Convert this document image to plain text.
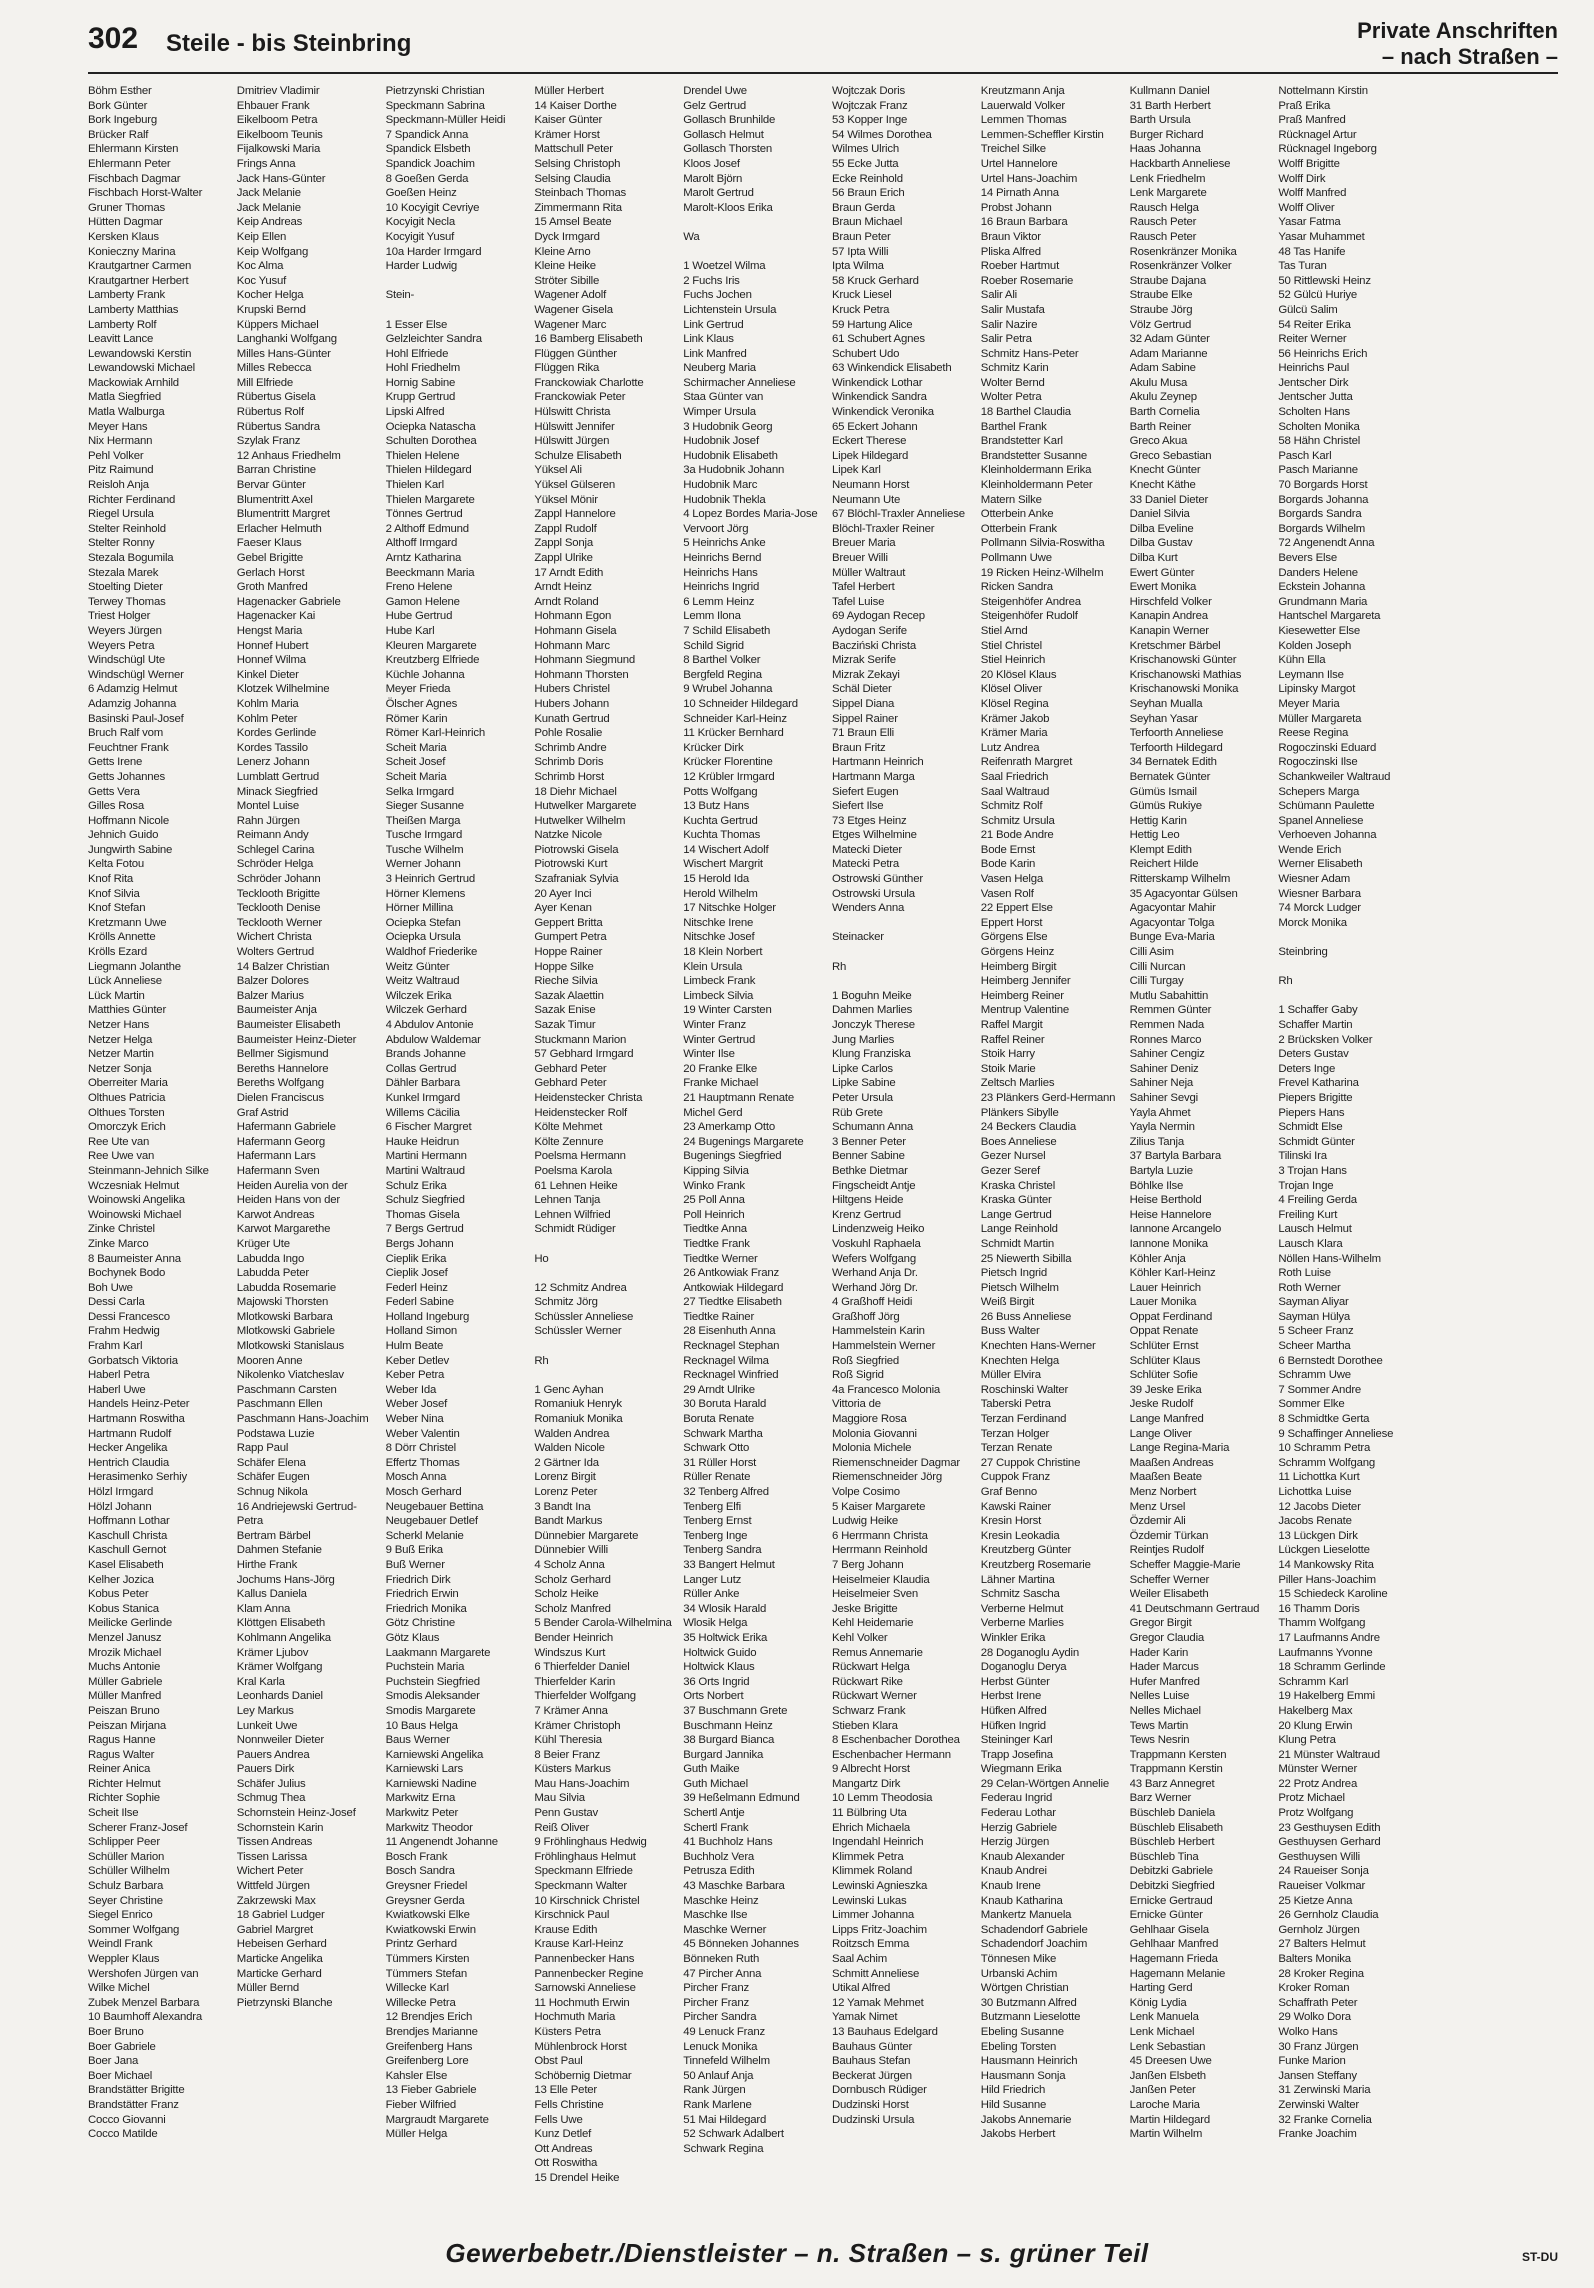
302 Steile - bis Steinbring	Private Anschriften
– nach Straßen –
Böhm Esther
Bork Günter
Bork Ingeburg
Brücker Ralf
Ehlermann Kirsten
Ehlermann Peter
Fischbach Dagmar
Fischbach Horst-Walter
Gruner Thomas
Hütten Dagmar
Kersken Klaus
Konieczny Marina
Krautgartner Carmen
Krautgartner Herbert
Lamberty Frank
Lamberty Matthias
Lamberty Rolf
Leavitt Lance
Lewandowski Kerstin
Lewandowski Michael
Mackowiak Arnhild
Matla Siegfried
Matla Walburga
Meyer Hans
Nix Hermann
Pehl Volker
Pitz Raimund
Reisloh Anja
Richter Ferdinand
Riegel Ursula
Stelter Reinhold
Stelter Ronny
Stezala Bogumila
Stezala Marek
Stoelting Dieter
Terwey Thomas
Triest Holger
Weyers Jürgen
Weyers Petra
Windschügl Ute
Windschügl Werner
6 Adamzig Helmut
Adamzig Johanna
Basinski Paul-Josef
Bruch Ralf vom
Feuchtner Frank
Getts Irene
Getts Johannes
Getts Vera
Gilles Rosa
Hoffmann Nicole
Jehnich Guido
Jungwirth Sabine
Kelta Fotou
Knof Rita
Knof Silvia
Knof Stefan
Kretzmann Uwe
Krölls Annette
Krölls Ezard
Liegmann Jolanthe
Lück Anneliese
Lück Martin
Matthies Günter
Netzer Hans
Netzer Helga
Netzer Martin
Netzer Sonja
Oberreiter Maria
Olthues Patricia
Olthues Torsten
Omorczyk Erich
Ree Ute van
Ree Uwe van
Steinmann-Jehnich Silke
Wczesniak Helmut
Woinowski Angelika
Woinowski Michael
Zinke Christel
Zinke Marco
8 Baumeister Anna
Bochynek Bodo
Boh Uwe
Dessi Carla
Dessi Francesco
Frahm Hedwig
Frahm Karl
Gorbatsch Viktoria
Haberl Petra
Haberl Uwe
Handels Heinz-Peter
Hartmann Roswitha
Hartmann Rudolf
Hecker Angelika
Hentrich Claudia
Herasimenko Serhiy
Hölzl Irmgard
Hölzl Johann
Hoffmann Lothar
Kaschull Christa
Kaschull Gernot
Kasel Elisabeth
Kelher Jozica
Kobus Peter
Kobus Stanica
Meilicke Gerlinde
Menzel Janusz
Mrozik Michael
Muchs Antonie
Müller Gabriele
Müller Manfred
Peiszan Bruno
Peiszan Mirjana
Ragus Hanne
Ragus Walter
Reiner Anica
Richter Helmut
Richter Sophie
Scheit Ilse
Scherer Franz-Josef
Schlipper Peer
Schüller Marion
Schüller Wilhelm
Schulz Barbara
Seyer Christine
Siegel Enrico
Sommer Wolfgang
Weindl Frank
Weppler Klaus
Wershofen Jürgen van
Wilke Michel
Zubek Menzel Barbara
10 Baumhoff Alexandra
Boer Bruno
Boer Gabriele
Boer Jana
Boer Michael
Brandstätter Brigitte
Brandstätter Franz
Cocco Giovanni
Cocco Matilde
Dmitriev Vladimir
Ehbauer Frank
Eikelboom Petra
Eikelboom Teunis
Fijalkowski Maria
Frings Anna
Jack Hans-Günter
Jack Melanie
Jack Melanie
Keip Andreas
Keip Ellen
Keip Wolfgang
Koc Alma
Koc Yusuf
Kocher Helga
Krupski Bernd
Küppers Michael
Langhanki Wolfgang
Milles Hans-Günter
Milles Rebecca
Mill Elfriede
Rübertus Gisela
Rübertus Rolf
Rübertus Sandra
Szylak Franz
12 Anhaus Friedhelm
Barran Christine
Bervar Günter
Blumentritt Axel
Blumentritt Margret
Erlacher Helmuth
Faeser Klaus
Gebel Brigitte
Gerlach Horst
Groth Manfred
Hagenacker Gabriele
Hagenacker Kai
Hengst Maria
Honnef Hubert
Honnef Wilma
Kinkel Dieter
Klotzek Wilhelmine
Kohlm Maria
Kohlm Peter
Kordes Gerlinde
Kordes Tassilo
Lenerz Johann
Lumblatt Gertrud
Minack Siegfried
Montel Luise
Rahn Jürgen
Reimann Andy
Schlegel Carina
Schröder Helga
Schröder Johann
Tecklooth Brigitte
Tecklooth Denise
Tecklooth Werner
Wichert Christa
Wolters Gertrud
14 Balzer Christian
Balzer Dolores
Balzer Marius
Baumeister Anja
Baumeister Elisabeth
Baumeister Heinz-Dieter
Bellmer Sigismund
Bereths Hannelore
Bereths Wolfgang
Dielen Franciscus
Graf Astrid
Hafermann Gabriele
Hafermann Georg
Hafermann Lars
Hafermann Sven
Heiden Aurelia von der
Heiden Hans von der
Karwot Andreas
Karwot Margarethe
Krüger Ute
Labudda Ingo
Labudda Peter
Labudda Rosemarie
Majowski Thorsten
Mlotkowski Barbara
Mlotkowski Gabriele
Mlotkowski Stanislaus
Mooren Anne
Nikolenko Viatcheslav
Paschmann Carsten
Paschmann Ellen
Paschmann Hans-Joachim
Podstawa Luzie
Rapp Paul
Schäfer Elena
Schäfer Eugen
Schnug Nikola
16 Andriejewski Gertrud-Petra
Bertram Bärbel
Dahmen Stefanie
Hirthe Frank
Jochums Hans-Jörg
Kallus Daniela
Klam Anna
Klöttgen Elisabeth
Kohlmann Angelika
Krämer Ljubov
Krämer Wolfgang
Kral Karla
Leonhards Daniel
Ley Markus
Lunkeit Uwe
Nonnweiler Dieter
Pauers Andrea
Pauers Dirk
Schäfer Julius
Schmug Thea
Schornstein Heinz-Josef
Schornstein Karin
Tissen Andreas
Tissen Larissa
Wichert Peter
Wittfeld Jürgen
Zakrzewski Max
18 Gabriel Ludger
Gabriel Margret
Hebeisen Gerhard
Marticke Angelika
Marticke Gerhard
Müller Bernd
Pietrzynski Blanche
Pietrzynski Christian
Speckmann Sabrina
Speckmann-Müller Heidi
7 Spandick Anna
Spandick Elsbeth
Spandick Joachim
8 Goeßen Gerda
Goeßen Heinz
10 Kocyigit Cevriye
Kocyigit Necla
Kocyigit Yusuf
10a Harder Irmgard
Harder Ludwig

Stein-

1 Esser Else
Gelzleichter Sandra
Hohl Elfriede
Hohl Friedhelm
Hornig Sabine
Krupp Gertrud
Lipski Alfred
Ociepka Natascha
Schulten Dorothea
Thielen Helene
Thielen Hildegard
Thielen Karl
Thielen Margarete
Tönnes Gertrud
2 Althoff Edmund
Althoff Irmgard
Arntz Katharina
Beeckmann Maria
Freno Helene
Gamon Helene
Hube Gertrud
Hube Karl
Kleuren Margarete
Kreutzberg Elfriede
Küchle Johanna
Meyer Frieda
Ölscher Agnes
Römer Karin
Römer Karl-Heinrich
Scheit Maria
Scheit Josef
Scheit Maria
Selka Irmgard
Sieger Susanne
Theißen Marga
Tusche Irmgard
Tusche Wilhelm
Werner Johann
3 Heinrich Gertrud
Hörner Klemens
Hörner Millina
Ociepka Stefan
Ociepka Ursula
Waldhof Friederike
Weitz Günter
Weitz Waltraud
Wilczek Erika
Wilczek Gerhard
4 Abdulov Antonie
Abdulow Waldemar
Brands Johanne
Collas Gertrud
Dähler Barbara
Kunkel Irmgard
Willems Cäcilia
6 Fischer Margret
Hauke Heidrun
Martini Hermann
Martini Waltraud
Schulz Erika
Schulz Siegfried
Thomas Gisela
7 Bergs Gertrud
Bergs Johann
Cieplik Erika
Cieplik Josef
Federl Heinz
Federl Sabine
Holland Ingeburg
Holland Simon
Hulm Beate
Keber Detlev
Keber Petra
Weber Ida
Weber Josef
Weber Nina
Weber Valentin
8 Dörr Christel
Effertz Thomas
Mosch Anna
Mosch Gerhard
Neugebauer Bettina
Neugebauer Detlef
Scherkl Melanie
9 Buß Erika
Buß Werner
Friedrich Dirk
Friedrich Erwin
Friedrich Monika
Götz Christine
Götz Klaus
Laakmann Margarete
Puchstein Maria
Puchstein Siegfried
Smodis Aleksander
Smodis Margarete
10 Baus Helga
Baus Werner
Karniewski Angelika
Karniewski Lars
Karniewski Nadine
Markwitz Erna
Markwitz Peter
Markwitz Theodor
11 Angenendt Johanne
Bosch Frank
Bosch Sandra
Greysner Friedel
Greysner Gerda
Kwiatkowski Elke
Kwiatkowski Erwin
Printz Gerhard
Tümmers Kirsten
Tümmers Stefan
Willecke Karl
Willecke Petra
12 Brendjes Erich
Brendjes Marianne
Greifenberg Hans
Greifenberg Lore
Kahsler Else
13 Fieber Gabriele
Fieber Wilfried
Margraudt Margarete
Müller Helga
Müller Herbert
14 Kaiser Dorthe
Kaiser Günter
Krämer Horst
Mattschull Peter
Selsing Christoph
Selsing Claudia
Steinbach Thomas
Zimmermann Rita
15 Amsel Beate
Dyck Irmgard
Kleine Arno
Kleine Heike
Ströter Sibille
Wagener Adolf
Wagener Gisela
Wagener Marc
16 Bamberg Elisabeth
Flüggen Günther
Flüggen Rika
Franckowiak Charlotte
Franckowiak Peter
Hülswitt Christa
Hülswitt Jennifer
Hülswitt Jürgen
Schulze Elisabeth
Yüksel Ali
Yüksel Gülseren
Yüksel Mönir
Zappl Hannelore
Zappl Rudolf
Zappl Sonja
Zappl Ulrike
17 Arndt Edith
Arndt Heinz
Arndt Roland
Hohmann Egon
Hohmann Gisela
Hohmann Marc
Hohmann Siegmund
Hohmann Thorsten
Hubers Christel
Hubers Johann
Kunath Gertrud
Pohle Rosalie
Schrimb Andre
Schrimb Doris
Schrimb Horst
18 Diehr Michael
Hutwelker Margarete
Hutwelker Wilhelm
Natzke Nicole
Piotrowski Gisela
Piotrowski Kurt
Szafraniak Sylvia
20 Ayer Inci
Ayer Kenan
Geppert Britta
Gumpert Petra
Hoppe Rainer
Hoppe Silke
Rieche Silvia
Sazak Alaettin
Sazak Enise
Sazak Timur
Stuckmann Marion
57 Gebhard Irmgard
Gebhard Peter
Gebhard Peter
Heidenstecker Christa
Heidenstecker Rolf
Költe Mehmet
Költe Zennure
Poelsma Hermann
Poelsma Karola
61 Lehnen Heike
Lehnen Tanja
Lehnen Wilfried
Schmidt Rüdiger

Ho

12 Schmitz Andrea
Schmitz Jörg
Schüssler Anneliese
Schüssler Werner

Rh

1 Genc Ayhan
Romaniuk Henryk
Romaniuk Monika
Walden Andrea
Walden Nicole
2 Gärtner Ida
Lorenz Birgit
Lorenz Peter
3 Bandt Ina
Bandt Markus
Dünnebier Margarete
Dünnebier Willi
4 Scholz Anna
Scholz Gerhard
Scholz Heike
Scholz Manfred
5 Bender Carola-Wilhelmina
Bender Heinrich
Windszus Kurt
6 Thierfelder Daniel
Thierfelder Karin
Thierfelder Wolfgang
7 Krämer Anna
Krämer Christoph
Kühl Theresia
8 Beier Franz
Küsters Markus
Mau Hans-Joachim
Mau Silvia
Penn Gustav
Reiß Oliver
9 Fröhlinghaus Hedwig
Fröhlinghaus Helmut
Speckmann Elfriede
Speckmann Walter
10 Kirschnick Christel
Kirschnick Paul
Krause Edith
Krause Karl-Heinz
Pannenbecker Hans
Pannenbecker Regine
Sarnowski Anneliese
11 Hochmuth Erwin
Hochmuth Maria
Küsters Petra
Mühlenbrock Horst
Obst Paul
Schöbernig Dietmar
13 Elle Peter
Fells Christine
Fells Uwe
Kunz Detlef
Ott Andreas
Ott Roswitha
15 Drendel Heike
Drendel Uwe
Gelz Gertrud
Gollasch Brunhilde
Gollasch Helmut
Gollasch Thorsten
Kloos Josef
Marolt Björn
Marolt Gertrud
Marolt-Kloos Erika

Wa

1 Woetzel Wilma
2 Fuchs Iris
Fuchs Jochen
Lichtenstein Ursula
Link Gertrud
Link Klaus
Link Manfred
Neuberg Maria
Schirmacher Anneliese
Staa Günter van
Wimper Ursula
3 Hudobnik Georg
Hudobnik Josef
Hudobnik Elisabeth
3a Hudobnik Johann
Hudobnik Marc
Hudobnik Thekla
4 Lopez Bordes Maria-Jose
Vervoort Jörg
5 Heinrichs Anke
Heinrichs Bernd
Heinrichs Hans
Heinrichs Ingrid
6 Lemm Heinz
Lemm Ilona
7 Schild Elisabeth
Schild Sigrid
8 Barthel Volker
Bergfeld Regina
9 Wrubel Johanna
10 Schneider Hildegard
Schneider Karl-Heinz
11 Krücker Bernhard
Krücker Dirk
Krücker Florentine
12 Krübler Irmgard
Potts Wolfgang
13 Butz Hans
Kuchta Gertrud
Kuchta Thomas
14 Wischert Adolf
Wischert Margrit
15 Herold Ida
Herold Wilhelm
17 Nitschke Holger
Nitschke Irene
Nitschke Josef
18 Klein Norbert
Klein Ursula
Limbeck Frank
Limbeck Silvia
19 Winter Carsten
Winter Franz
Winter Gertrud
Winter Ilse
20 Franke Elke
Franke Michael
21 Hauptmann Renate
Michel Gerd
23 Amerkamp Otto
24 Bugenings Margarete
Bugenings Siegfried
Kipping Silvia
Winko Frank
25 Poll Anna
Poll Heinrich
Tiedtke Anna
Tiedtke Frank
Tiedtke Werner
26 Antkowiak Franz
Antkowiak Hildegard
27 Tiedtke Elisabeth
Tiedtke Rainer
28 Eisenhuth Anna
Recknagel Stephan
Recknagel Wilma
Recknagel Winfried
29 Arndt Ulrike
30 Boruta Harald
Boruta Renate
Schwark Martha
Schwark Otto
31 Rüller Horst
Rüller Renate
32 Tenberg Alfred
Tenberg Elfi
Tenberg Ernst
Tenberg Inge
Tenberg Sandra
33 Bangert Helmut
Langer Lutz
Rüller Anke
34 Wlosik Harald
Wlosik Helga
35 Holtwick Erika
Holtwick Guido
Holtwick Klaus
36 Orts Ingrid
Orts Norbert
37 Buschmann Grete
Buschmann Heinz
38 Burgard Bianca
Burgard Jannika
Guth Maike
Guth Michael
39 Heßelmann Edmund
Schertl Antje
Schertl Frank
41 Buchholz Hans
Buchholz Vera
Petrusza Edith
43 Maschke Barbara
Maschke Heinz
Maschke Ilse
Maschke Werner
45 Bönneken Johannes
Bönneken Ruth
47 Pircher Anna
Pircher Franz
Pircher Franz
Pircher Sandra
49 Lenuck Franz
Lenuck Monika
Tinnefeld Wilhelm
50 Anlauf Anja
Rank Jürgen
Rank Marlene
51 Mai Hildegard
52 Schwark Adalbert
Schwark Regina
Wojtczak Doris
Wojtczak Franz
53 Kopper Inge
54 Wilmes Dorothea
Wilmes Ulrich
55 Ecke Jutta
Ecke Reinhold
56 Braun Erich
Braun Gerda
Braun Michael
Braun Peter
57 Ipta Willi
Ipta Wilma
58 Kruck Gerhard
Kruck Liesel
Kruck Petra
59 Hartung Alice
61 Schubert Agnes
Schubert Udo
63 Winkendick Elisabeth
Winkendick Lothar
Winkendick Sandra
Winkendick Veronika
65 Eckert Johann
Eckert Therese
Lipek Hildegard
Lipek Karl
Neumann Horst
Neumann Ute
67 Blöchl-Traxler Anneliese
Blöchl-Traxler Reiner
Breuer Maria
Breuer Willi
Müller Waltraut
Tafel Herbert
Tafel Luise
69 Aydogan Recep
Aydogan Serife
Bacziński Christa
Mizrak Serife
Mizrak Zekayi
Schäl Dieter
Sippel Diana
Sippel Rainer
71 Braun Elli
Braun Fritz
Hartmann Heinrich
Hartmann Marga
Siefert Eugen
Siefert Ilse
73 Etges Heinz
Etges Wilhelmine
Matecki Dieter
Matecki Petra
Ostrowski Günther
Ostrowski Ursula
Wenders Anna

Steinacker

Rh

1 Boguhn Meike
Dahmen Marlies
Jonczyk Therese
Jung Marlies
Klung Franziska
Lipke Carlos
Lipke Sabine
Peter Ursula
Rüb Grete
Schumann Anna
3 Benner Peter
Benner Sabine
Bethke Dietmar
Fingscheidt Antje
Hiltgens Heide
Krenz Gertrud
Lindenzweig Heiko
Voskuhl Raphaela
Wefers Wolfgang
Werhand Anja Dr.
Werhand Jörg Dr.
4 Graßhoff Heidi
Graßhoff Jörg
Hammelstein Karin
Hammelstein Werner
Roß Siegfried
Roß Sigrid
4a Francesco Molonia Vittoria de
Maggiore Rosa
Molonia Giovanni
Molonia Michele
Riemenschneider Dagmar
Riemenschneider Jörg
Volpe Cosimo
5 Kaiser Margarete
Ludwig Heike
6 Herrmann Christa
Herrmann Reinhold
7 Berg Johann
Heiselmeier Klaudia
Heiselmeier Sven
Jeske Brigitte
Kehl Heidemarie
Kehl Volker
Remus Annemarie
Rückwart Helga
Rückwart Rike
Rückwart Werner
Schwarz Frank
Stieben Klara
8 Eschenbacher Dorothea
Eschenbacher Hermann
9 Albrecht Horst
Mangartz Dirk
10 Lemm Theodosia
11 Bülbring Uta
Ehrich Michaela
Ingendahl Heinrich
Klimmek Petra
Klimmek Roland
Lewinski Agnieszka
Lewinski Lukas
Limmer Johanna
Lipps Fritz-Joachim
Roitzsch Emma
Saal Achim
Schmitt Anneliese
Utikal Alfred
12 Yamak Mehmet
Yamak Nimet
13 Bauhaus Edelgard
Bauhaus Günter
Bauhaus Stefan
Beckerat Jürgen
Dornbusch Rüdiger
Dudzinski Horst
Dudzinski Ursula
Kreutzmann Anja
Lauerwald Volker
Lemmen Thomas
Lemmen-Scheffler Kirstin
Treichel Silke
Urtel Hannelore
Urtel Hans-Joachim
14 Pirnath Anna
Probst Johann
16 Braun Barbara
Braun Viktor
Pliska Alfred
Roeber Hartmut
Roeber Rosemarie
Salir Ali
Salir Mustafa
Salir Nazire
Salir Petra
Schmitz Hans-Peter
Schmitz Karin
Wolter Bernd
Wolter Petra
18 Barthel Claudia
Barthel Frank
Brandstetter Karl
Brandstetter Susanne
Kleinholdermann Erika
Kleinholdermann Peter
Matern Silke
Otterbein Anke
Otterbein Frank
Pollmann Silvia-Roswitha
Pollmann Uwe
19 Ricken Heinz-Wilhelm
Ricken Sandra
Steigenhöfer Andrea
Steigenhöfer Rudolf
Stiel Arnd
Stiel Christel
Stiel Heinrich
20 Klösel Klaus
Klösel Oliver
Klösel Regina
Krämer Jakob
Krämer Maria
Lutz Andrea
Reifenrath Margret
Saal Friedrich
Saal Waltraud
Schmitz Rolf
Schmitz Ursula
21 Bode Andre
Bode Ernst
Bode Karin
Vasen Helga
Vasen Rolf
22 Eppert Else
Eppert Horst
Görgens Else
Görgens Heinz
Heimberg Birgit
Heimberg Jennifer
Heimberg Reiner
Mentrup Valentine
Raffel Margit
Raffel Reiner
Stoik Harry
Stoik Marie
Zeltsch Marlies
23 Plänkers Gerd-Hermann
Plänkers Sibylle
24 Beckers Claudia
Boes Anneliese
Gezer Nursel
Gezer Seref
Kraska Christel
Kraska Günter
Lange Gertrud
Lange Reinhold
Schmidt Martin
25 Niewerth Sibilla
Pietsch Ingrid
Pietsch Wilhelm
Weiß Birgit
26 Buss Anneliese
Buss Walter
Knechten Hans-Werner
Knechten Helga
Müller Elvira
Roschinski Walter
Taberski Petra
Terzan Ferdinand
Terzan Holger
Terzan Renate
27 Cuppok Christine
Cuppok Franz
Graf Benno
Kawski Rainer
Kresin Horst
Kresin Leokadia
Kreutzberg Günter
Kreutzberg Rosemarie
Lähner Martina
Schmitz Sascha
Verberne Helmut
Verberne Marlies
Winkler Erika
28 Doganoglu Aydin
Doganoglu Derya
Herbst Günter
Herbst Irene
Hüfken Alfred
Hüfken Ingrid
Steininger Karl
Trapp Josefina
Wiegmann Erika
29 Celan-Wörtgen Annelie
Federau Ingrid
Federau Lothar
Herzig Gabriele
Herzig Jürgen
Knaub Alexander
Knaub Andrei
Knaub Irene
Knaub Katharina
Mankertz Manuela
Schadendorf Gabriele
Schadendorf Joachim
Tönnesen Mike
Urbanski Achim
Wörtgen Christian
30 Butzmann Alfred
Butzmann Lieselotte
Ebeling Susanne
Ebeling Torsten
Hausmann Heinrich
Hausmann Sonja
Hild Friedrich
Hild Susanne
Jakobs Annemarie
Jakobs Herbert
Kullmann Daniel
31 Barth Herbert
Barth Ursula
Burger Richard
Haas Johanna
Hackbarth Anneliese
Lenk Friedhelm
Lenk Margarete
Rausch Helga
Rausch Peter
Rausch Peter
Rosenkränzer Monika
Rosenkränzer Volker
Straube Dajana
Straube Elke
Straube Jörg
Völz Gertrud
32 Adam Günter
Adam Marianne
Adam Sabine
Akulu Musa
Akulu Zeynep
Barth Cornelia
Barth Reiner
Greco Akua
Greco Sebastian
Knecht Günter
Knecht Käthe
33 Daniel Dieter
Daniel Silvia
Dilba Eveline
Dilba Gustav
Dilba Kurt
Ewert Günter
Ewert Monika
Hirschfeld Volker
Kanapin Andrea
Kanapin Werner
Kretschmer Bärbel
Krischanowski Günter
Krischanowski Mathias
Krischanowski Monika
Seyhan Mualla
Seyhan Yasar
Terfoorth Anneliese
Terfoorth Hildegard
34 Bernatek Edith
Bernatek Günter
Gümüs Ismail
Gümüs Rukiye
Hettig Karin
Hettig Leo
Klempt Edith
Reichert Hilde
Ritterskamp Wilhelm
35 Agacyontar Gülsen
Agacyontar Mahir
Agacyontar Tolga
Bunge Eva-Maria
Cilli Asim
Cilli Nurcan
Cilli Turgay
Mutlu Sabahittin
Remmen Günter
Remmen Nada
Ronnes Marco
Sahiner Cengiz
Sahiner Deniz
Sahiner Neja
Sahiner Sevgi
Yayla Ahmet
Yayla Nermin
Zilius Tanja
37 Bartyla Barbara
Bartyla Luzie
Böhlke Ilse
Heise Berthold
Heise Hannelore
Iannone Arcangelo
Iannone Monika
Köhler Anja
Köhler Karl-Heinz
Lauer Heinrich
Lauer Monika
Oppat Ferdinand
Oppat Renate
Schlüter Ernst
Schlüter Klaus
Schlüter Sofie
39 Jeske Erika
Jeske Rudolf
Lange Manfred
Lange Oliver
Lange Regina-Maria
Maaßen Andreas
Maaßen Beate
Menz Norbert
Menz Ursel
Özdemir Ali
Özdemir Türkan
Reintjes Rudolf
Scheffer Maggie-Marie
Scheffer Werner
Weiler Elisabeth
41 Deutschmann Gertraud
Gregor Birgit
Gregor Claudia
Hader Karin
Hader Marcus
Hufer Manfred
Nelles Luise
Nelles Michael
Tews Martin
Tews Nesrin
Trappmann Kersten
Trappmann Kerstin
43 Barz Annegret
Barz Werner
Büschleb Daniela
Büschleb Elisabeth
Büschleb Herbert
Büschleb Tina
Debitzki Gabriele
Debitzki Siegfried
Ernicke Gertraud
Ernicke Günter
Gehlhaar Gisela
Gehlhaar Manfred
Hagemann Frieda
Hagemann Melanie
Harting Gerd
König Lydia
Lenk Manuela
Lenk Michael
Lenk Sebastian
45 Dreesen Uwe
Janßen Elsbeth
Janßen Peter
Laroche Maria
Martin Hildegard
Martin Wilhelm
Nottelmann Kirstin
Praß Erika
Praß Manfred
Rücknagel Artur
Rücknagel Ingeborg
Wolff Brigitte
Wolff Dirk
Wolff Manfred
Wolff Oliver
Yasar Fatma
Yasar Muhammet
48 Tas Hanife
Tas Turan
50 Rittlewski Heinz
52 Gülcü Huriye
Gülcü Salim
54 Reiter Erika
Reiter Werner
56 Heinrichs Erich
Heinrichs Paul
Jentscher Dirk
Jentscher Jutta
Scholten Hans
Scholten Monika
58 Hähn Christel
Pasch Karl
Pasch Marianne
70 Borgards Horst
Borgards Johanna
Borgards Sandra
Borgards Wilhelm
72 Angenendt Anna
Bevers Else
Danders Helene
Eckstein Johanna
Grundmann Maria
Hantschel Margareta
Kiesewetter Else
Kolden Joseph
Kühn Ella
Leymann Ilse
Lipinsky Margot
Meyer Maria
Müller Margareta
Reese Regina
Rogoczinski Eduard
Rogoczinski Ilse
Schankweiler Waltraud
Schepers Marga
Schümann Paulette
Spanel Anneliese
Verhoeven Johanna
Wende Erich
Werner Elisabeth
Wiesner Adam
Wiesner Barbara
74 Morck Ludger
Morck Monika

Steinbring

Rh

1 Schaffer Gaby
Schaffer Martin
2 Brücksken Volker
Deters Gustav
Deters Inge
Frevel Katharina
Piepers Brigitte
Piepers Hans
Schmidt Else
Schmidt Günter
Tilinski Ira
3 Trojan Hans
Trojan Inge
4 Freiling Gerda
Freiling Kurt
Lausch Helmut
Lausch Klara
Nöllen Hans-Wilhelm
Roth Luise
Roth Werner
Sayman Aliyar
Sayman Hülya
5 Scheer Franz
Scheer Martha
6 Bernstedt Dorothee
Schramm Uwe
7 Sommer Andre
Sommer Elke
8 Schmidtke Gerta
9 Schaffinger Anneliese
10 Schramm Petra
Schramm Wolfgang
11 Lichottka Kurt
Lichottka Luise
12 Jacobs Dieter
Jacobs Renate
13 Lückgen Dirk
Lückgen Lieselotte
14 Mankowsky Rita
Piller Hans-Joachim
15 Schiedeck Karoline
16 Thamm Doris
Thamm Wolfgang
17 Laufmanns Andre
Laufmanns Yvonne
18 Schramm Gerlinde
Schramm Karl
19 Hakelberg Emmi
Hakelberg Max
20 Klung Erwin
Klung Petra
21 Münster Waltraud
Münster Werner
22 Protz Andrea
Protz Michael
Protz Wolfgang
23 Gesthuysen Edith
Gesthuysen Gerhard
Gesthuysen Willi
24 Raueiser Sonja
Raueiser Volkmar
25 Kietze Anna
26 Gernholz Claudia
Gernholz Jürgen
27 Balters Helmut
Balters Monika
28 Kroker Regina
Kroker Roman
Schaffrath Peter
29 Wolko Dora
Wolko Hans
30 Franz Jürgen
Funke Marion
Jansen Steffany
31 Zerwinski Maria
Zerwinski Walter
32 Franke Cornelia
Franke Joachim
Gewerbebetr./Dienstleister – n. Straßen – s. grüner Teil	ST-DU
